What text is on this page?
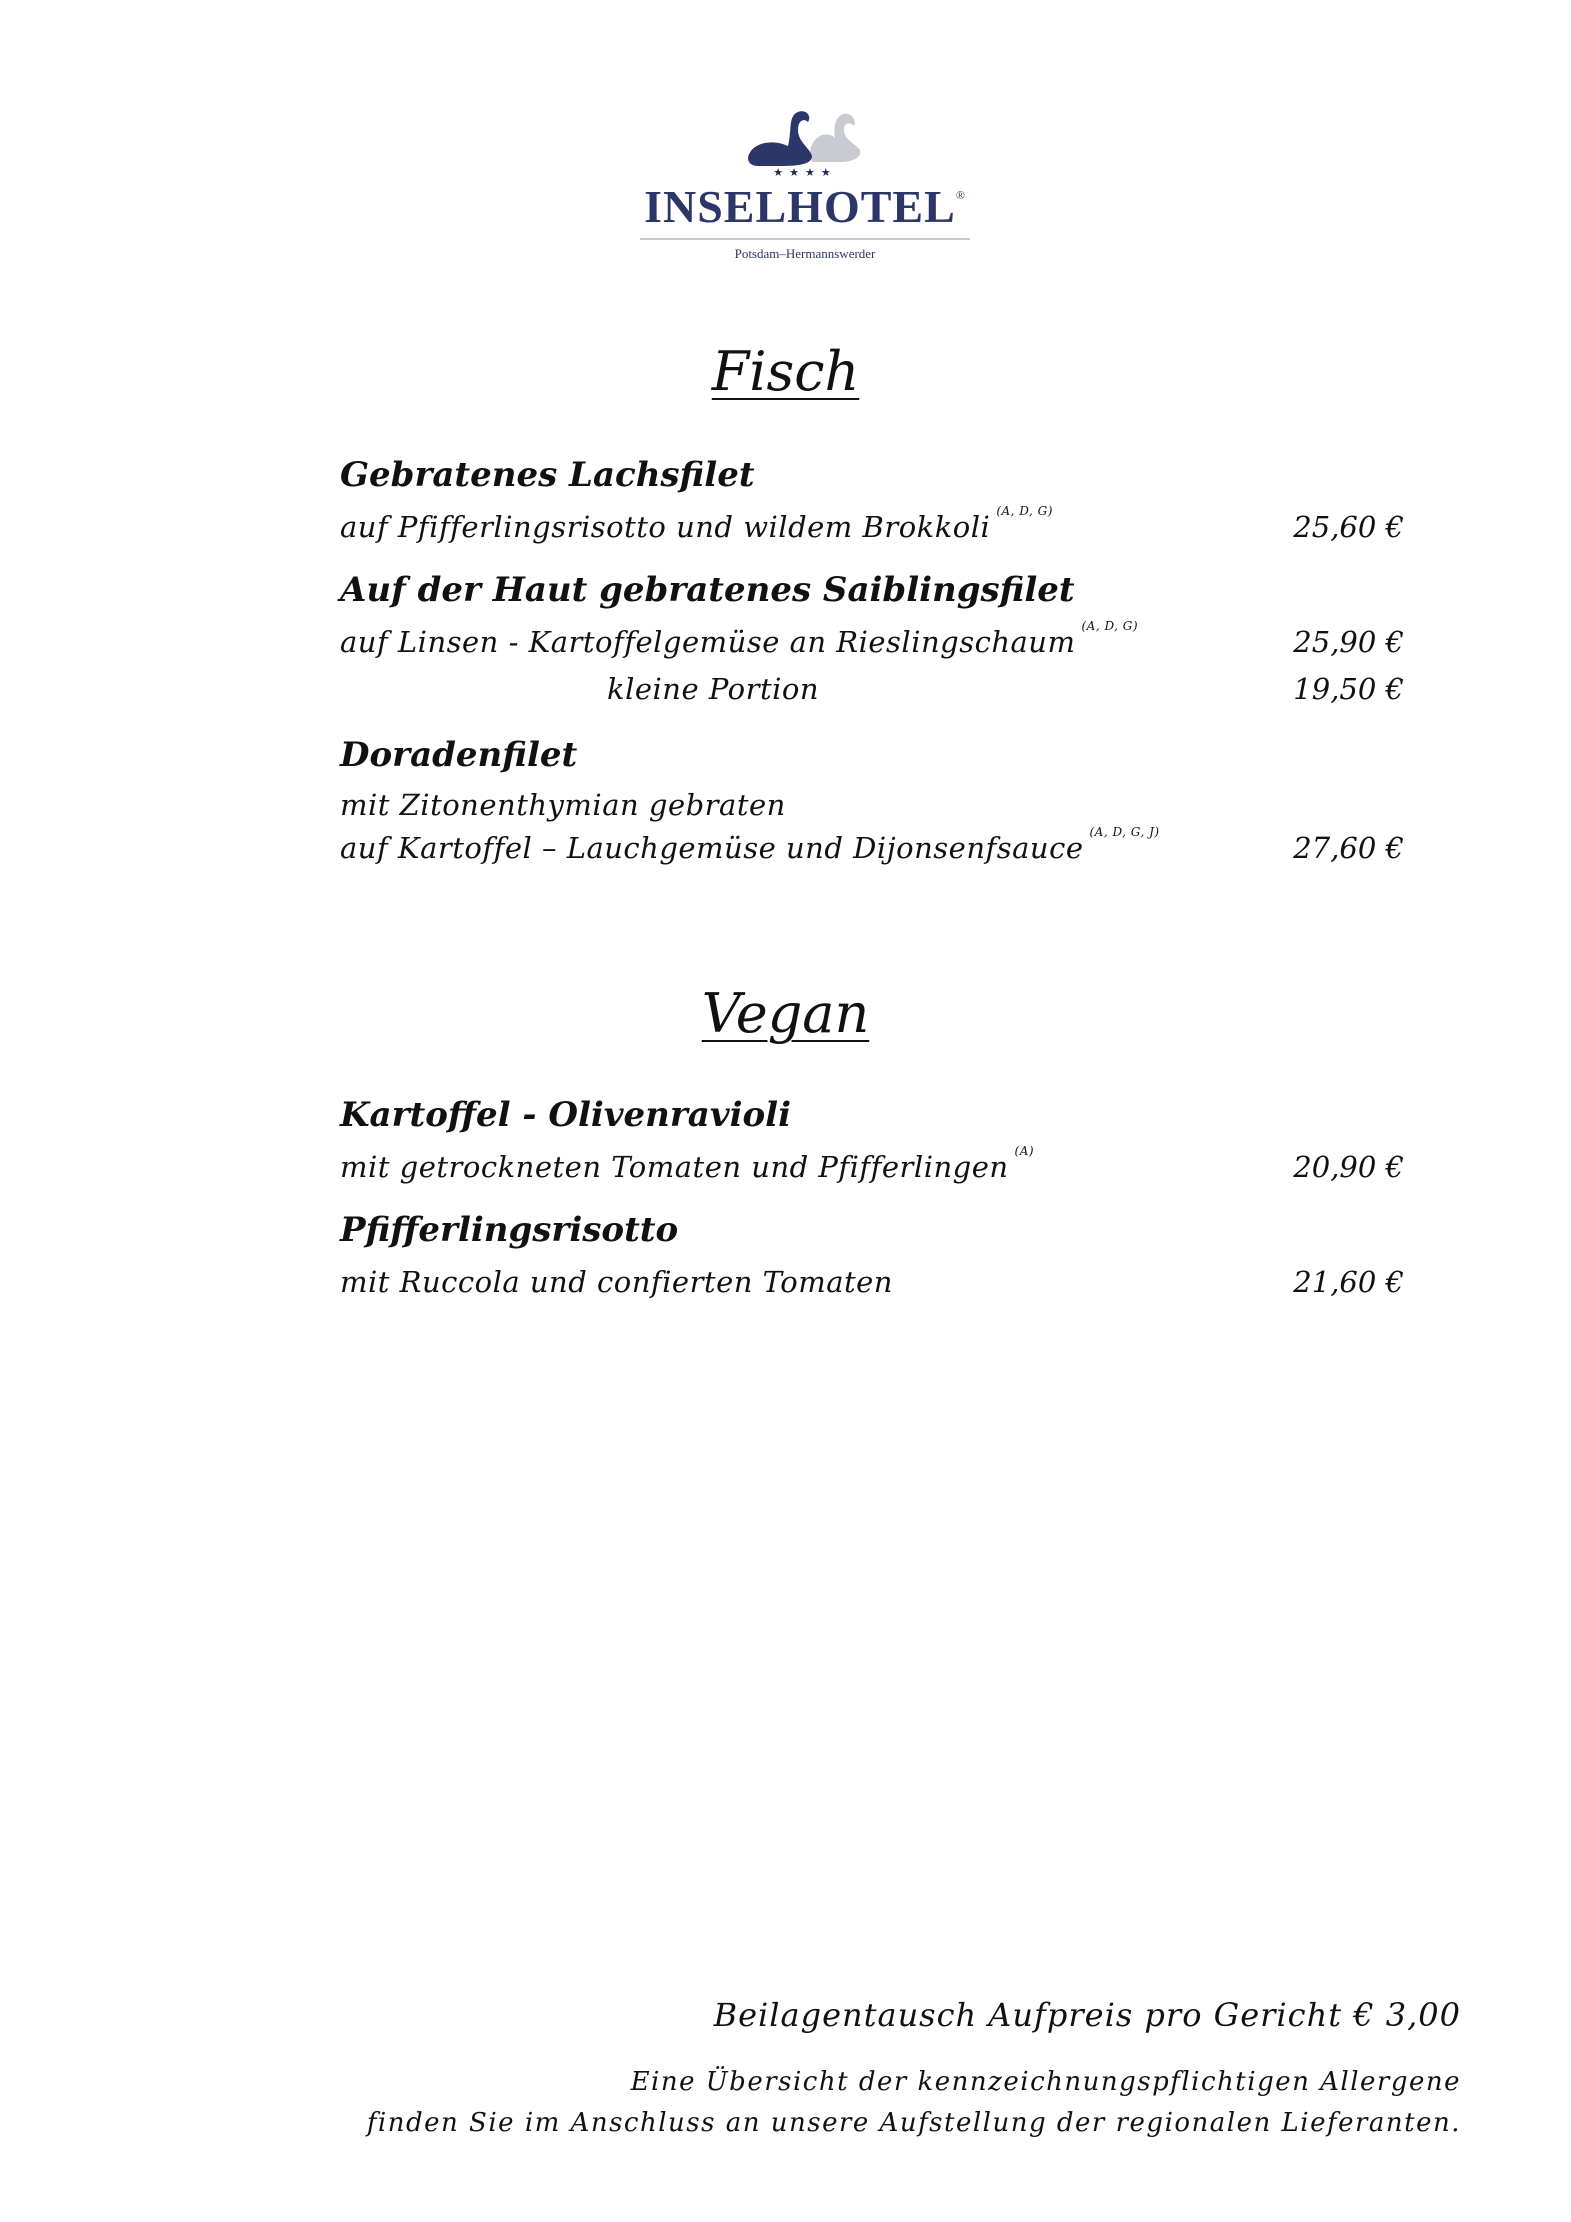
★★★★
INSELHOTEL®
Potsdam–Hermannswerder
Fisch
Gebratenes Lachsfilet
auf Pfifferlingsrisotto und wildem Brokkoli $^{(A, D, G)}$	25,60 €
Auf der Haut gebratenes Saiblingsfilet
auf Linsen - Kartoffelgemüse an Rieslingschaum $^{(A, D, G)}$	25,90 €
kleine Portion	19,50 €
Doradenfilet
mit Zitonenthymian gebraten
auf Kartoffel – Lauchgemüse und Dijonsenfsauce $^{(A, D, G, J)}$	27,60 €
Vegan
Kartoffel - Olivenravioli
mit getrockneten Tomaten und Pfifferlingen $^{(A)}$	20,90 €
Pfifferlingsrisotto
mit Ruccola und confierten Tomaten	21,60 €
Beilagentausch Aufpreis pro Gericht € 3,00
Eine Übersicht der kennzeichnungspflichtigen Allergene
finden Sie im Anschluss an unsere Aufstellung der regionalen Lieferanten.
